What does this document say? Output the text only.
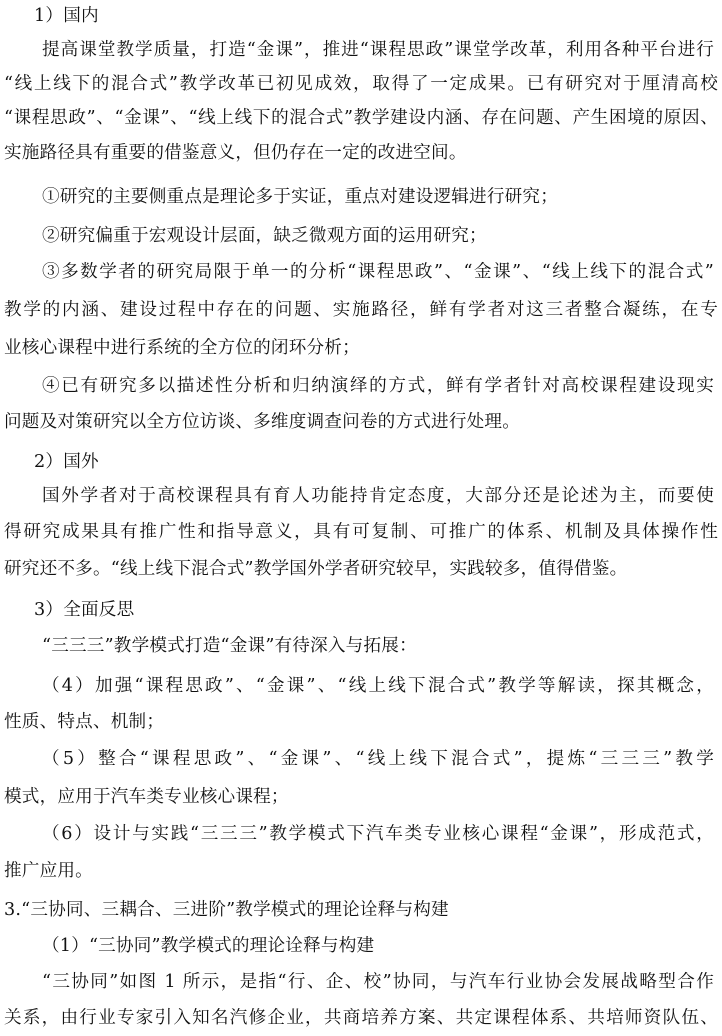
1）国内
提高课堂教学质量，打造“金课”，推进“课程思政”课堂学改革，利用各种平台进行
“线上线下的混合式”教学改革已初见成效，取得了一定成果。已有研究对于厘清高校
“课程思政”、“金课”、“线上线下的混合式”教学建设内涵、存在问题、产生困境的原因、
实施路径具有重要的借鉴意义，但仍存在一定的改进空间。
①研究的主要侧重点是理论多于实证，重点对建设逻辑进行研究；
②研究偏重于宏观设计层面，缺乏微观方面的运用研究；
③多数学者的研究局限于单一的分析“课程思政”、“金课”、“线上线下的混合式”
教学的内涵、建设过程中存在的问题、实施路径，鲜有学者对这三者整合凝练，在专
业核心课程中进行系统的全方位的闭环分析；
④已有研究多以描述性分析和归纳演绎的方式，鲜有学者针对高校课程建设现实
问题及对策研究以全方位访谈、多维度调查问卷的方式进行处理。
2）国外
国外学者对于高校课程具有育人功能持肯定态度，大部分还是论述为主，而要使
得研究成果具有推广性和指导意义，具有可复制、可推广的体系、机制及具体操作性
研究还不多。“线上线下混合式”教学国外学者研究较早，实践较多，值得借鉴。
3）全面反思
“三三三”教学模式打造“金课”有待深入与拓展：
（4）加强“课程思政”、“金课”、“线上线下混合式”教学等解读，探其概念，
性质、特点、机制；
（5）整合“课程思政”、“金课”、“线上线下混合式”，提炼“三三三”教学
模式，应用于汽车类专业核心课程；
（6）设计与实践“三三三”教学模式下汽车类专业核心课程“金课”，形成范式，
推广应用。
3.“三协同、三耦合、三进阶”教学模式的理论诠释与构建
（1）“三协同”教学模式的理论诠释与构建
“三协同”如图 1 所示，是指“行、企、校”协同，与汽车行业协会发展战略型合作
关系，由行业专家引入知名汽修企业，共商培养方案、共定课程体系、共培师资队伍、
